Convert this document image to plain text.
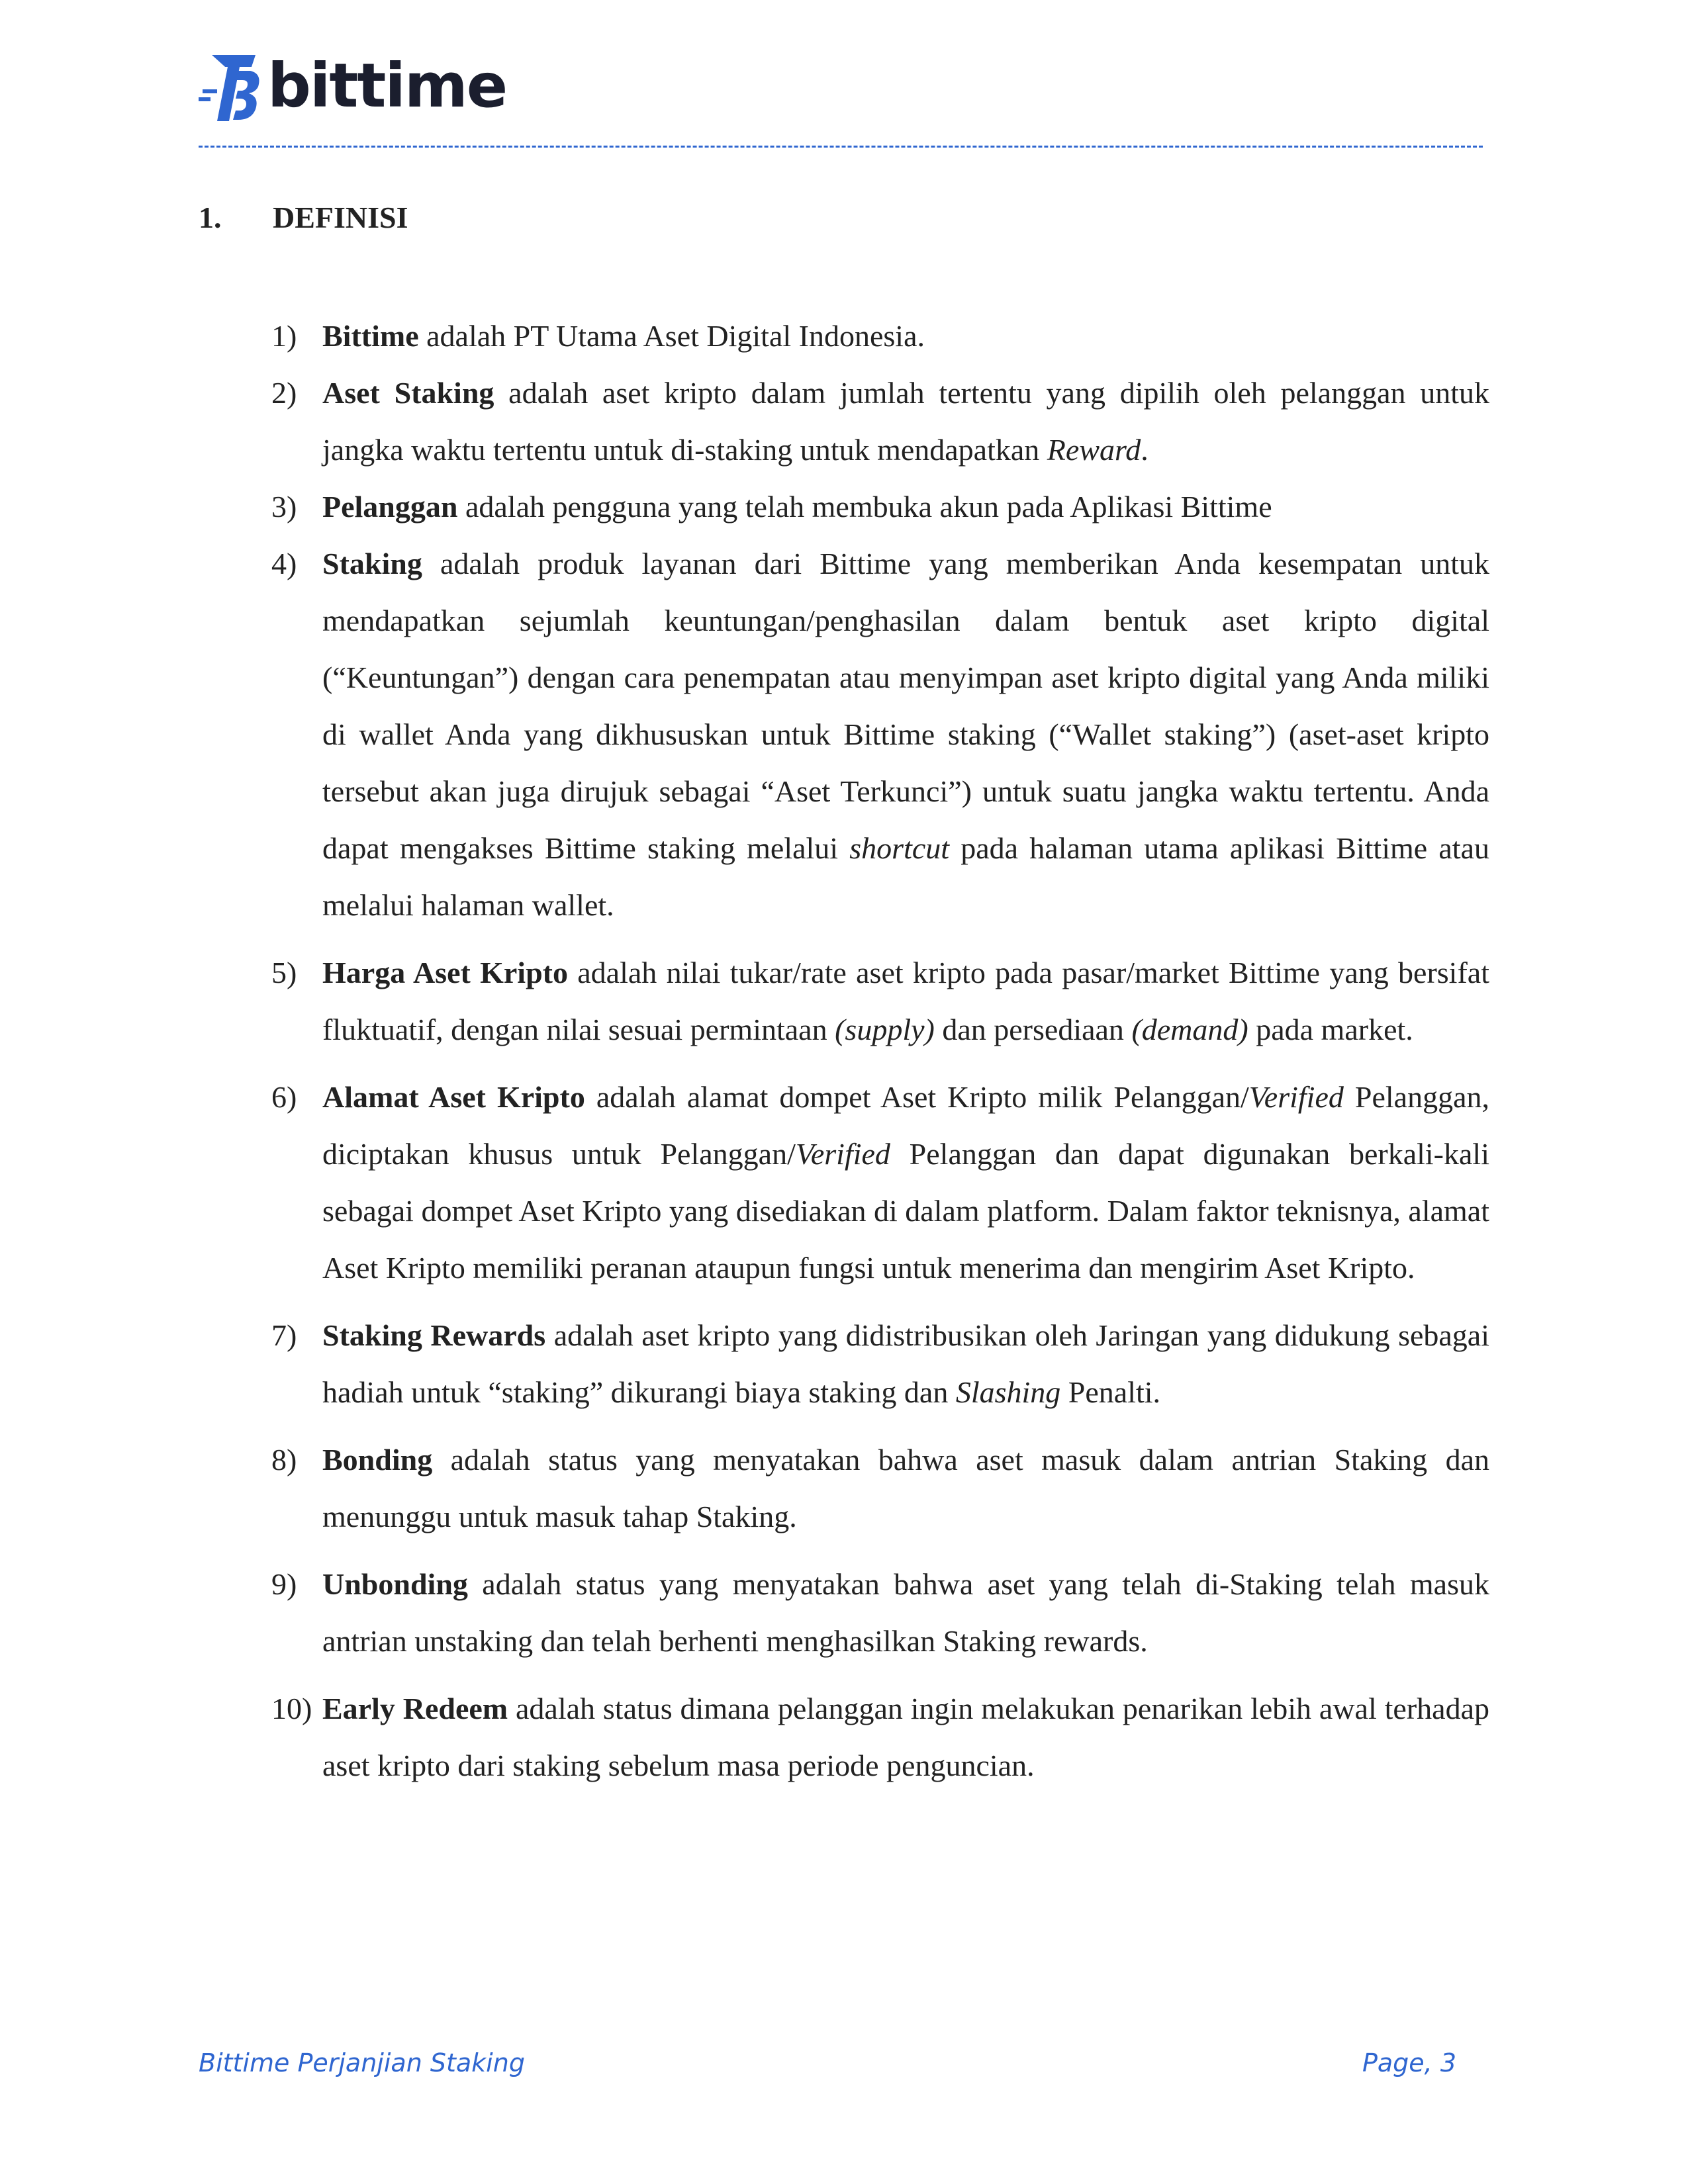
bittime
1.	DEFINISI
1) Bittime adalah PT Utama Aset Digital Indonesia.
2) Aset Staking adalah aset kripto dalam jumlah tertentu yang dipilih oleh pelanggan untuk jangka waktu tertentu untuk di-staking untuk mendapatkan Reward.
3) Pelanggan adalah pengguna yang telah membuka akun pada Aplikasi Bittime
4) Staking adalah produk layanan dari Bittime yang memberikan Anda kesempatan untuk mendapatkan sejumlah keuntungan/penghasilan dalam bentuk aset kripto digital (“Keuntungan”) dengan cara penempatan atau menyimpan aset kripto digital yang Anda miliki di wallet Anda yang dikhususkan untuk Bittime staking (“Wallet staking”) (aset-aset kripto tersebut akan juga dirujuk sebagai “Aset Terkunci”) untuk suatu jangka waktu tertentu. Anda dapat mengakses Bittime staking melalui shortcut pada halaman utama aplikasi Bittime atau melalui halaman wallet.
5) Harga Aset Kripto adalah nilai tukar/rate aset kripto pada pasar/market Bittime yang bersifat fluktuatif, dengan nilai sesuai permintaan (supply) dan persediaan (demand) pada market.
6) Alamat Aset Kripto adalah alamat dompet Aset Kripto milik Pelanggan/Verified Pelanggan, diciptakan khusus untuk Pelanggan/Verified Pelanggan dan dapat digunakan berkali-kali sebagai dompet Aset Kripto yang disediakan di dalam platform. Dalam faktor teknisnya, alamat Aset Kripto memiliki peranan ataupun fungsi untuk menerima dan mengirim Aset Kripto.
7) Staking Rewards adalah aset kripto yang didistribusikan oleh Jaringan yang didukung sebagai hadiah untuk “staking” dikurangi biaya staking dan Slashing Penalti.
8) Bonding adalah status yang menyatakan bahwa aset masuk dalam antrian Staking dan menunggu untuk masuk tahap Staking.
9) Unbonding adalah status yang menyatakan bahwa aset yang telah di-Staking telah masuk antrian unstaking dan telah berhenti menghasilkan Staking rewards.
10) Early Redeem adalah status dimana pelanggan ingin melakukan penarikan lebih awal terhadap aset kripto dari staking sebelum masa periode penguncian.
Bittime Perjanjian Staking	Page, 3
